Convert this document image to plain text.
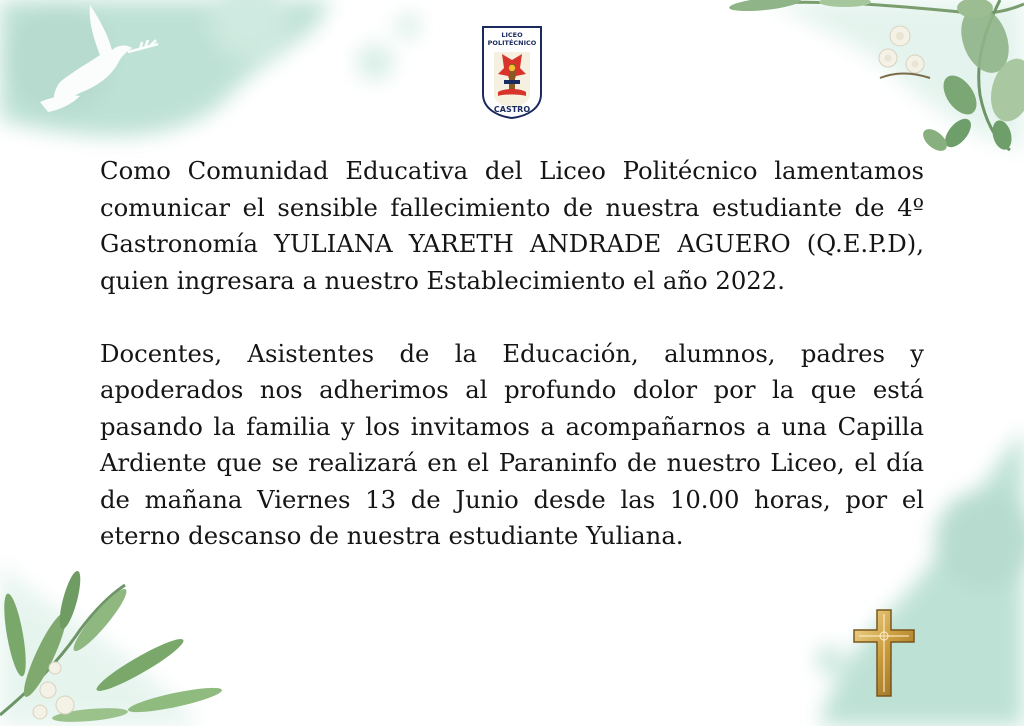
LICEO
POLITÉCNICO
CASTRO

Como Comunidad Educativa del Liceo Politécnico lamentamos comunicar el sensible fallecimiento de nuestra estudiante de 4º Gastronomía YULIANA YARETH ANDRADE AGUERO (Q.E.P.D), quien ingresara a nuestro Establecimiento el año 2022.

Docentes, Asistentes de la Educación, alumnos, padres y apoderados nos adherimos al profundo dolor por la que está pasando la familia y los invitamos a acompañarnos a una Capilla Ardiente que se realizará en el Paraninfo de nuestro Liceo, el día de mañana Viernes 13 de Junio desde las 10.00 horas, por el eterno descanso de nuestra estudiante Yuliana.
